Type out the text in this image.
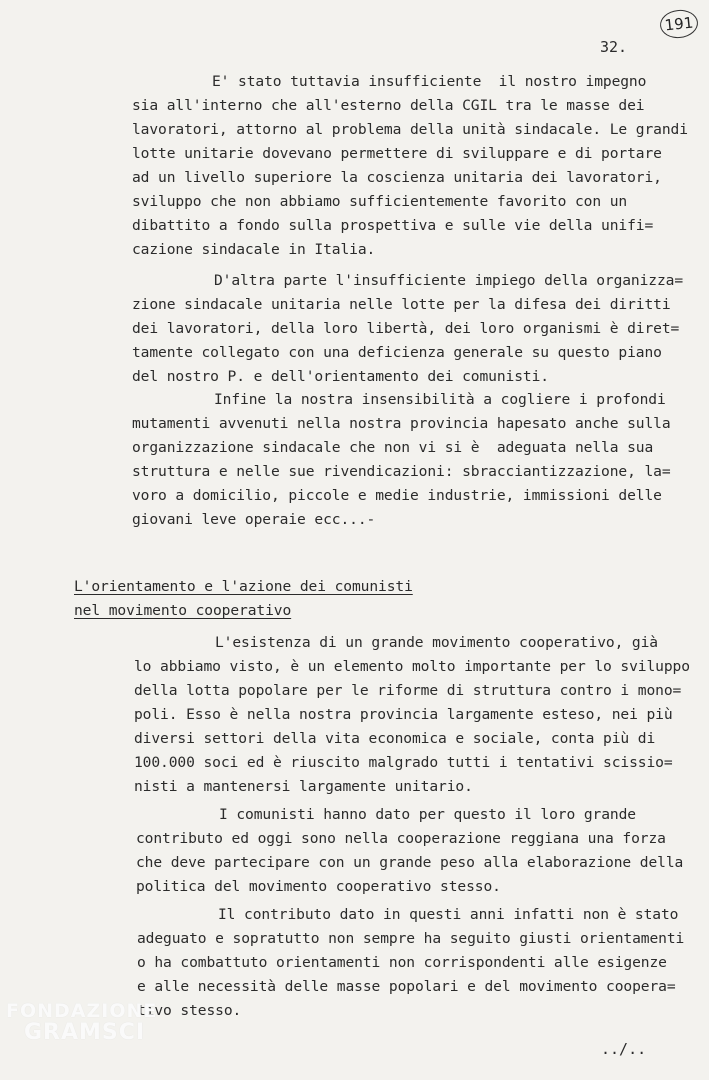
191
32.
E' stato tuttavia insufficiente  il nostro impegno
sia all'interno che all'esterno della CGIL tra le masse dei
lavoratori, attorno al problema della unità sindacale. Le grandi
lotte unitarie dovevano permettere di sviluppare e di portare
ad un livello superiore la coscienza unitaria dei lavoratori,
sviluppo che non abbiamo sufficientemente favorito con un
dibattito a fondo sulla prospettiva e sulle vie della unifi=
cazione sindacale in Italia.
D'altra parte l'insufficiente impiego della organizza=
zione sindacale unitaria nelle lotte per la difesa dei diritti
dei lavoratori, della loro libertà, dei loro organismi è diret=
tamente collegato con una deficienza generale su questo piano
del nostro P. e dell'orientamento dei comunisti.
Infine la nostra insensibilità a cogliere i profondi
mutamenti avvenuti nella nostra provincia hapesato anche sulla
organizzazione sindacale che non vi si è  adeguata nella sua
struttura e nelle sue rivendicazioni: sbracciantizzazione, la=
voro a domicilio, piccole e medie industrie, immissioni delle
giovani leve operaie ecc...-
L'orientamento e l'azione dei comunisti
nel movimento cooperativo
L'esistenza di un grande movimento cooperativo, già
lo abbiamo visto, è un elemento molto importante per lo sviluppo
della lotta popolare per le riforme di struttura contro i mono=
poli. Esso è nella nostra provincia largamente esteso, nei più
diversi settori della vita economica e sociale, conta più di
100.000 soci ed è riuscito malgrado tutti i tentativi scissio=
nisti a mantenersi largamente unitario.
I comunisti hanno dato per questo il loro grande
contributo ed oggi sono nella cooperazione reggiana una forza
che deve partecipare con un grande peso alla elaborazione della
politica del movimento cooperativo stesso.
Il contributo dato in questi anni infatti non è stato
adeguato e sopratutto non sempre ha seguito giusti orientamenti
o ha combattuto orientamenti non corrispondenti alle esigenze
e alle necessità delle masse popolari e del movimento coopera=
tivo stesso.
../..
FONDAZIONE
GRAMSCI
